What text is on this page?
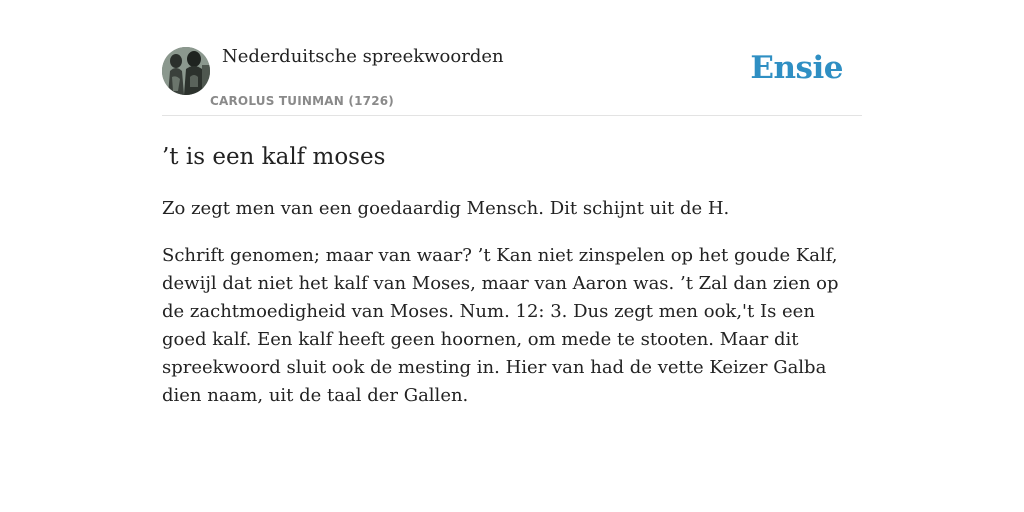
Nederduitsche spreekwoorden
CAROLUS TUINMAN (1726)
Ensie
’t is een kalf moses

Zo zegt men van een goedaardig Mensch. Dit schijnt uit de H.

Schrift genomen; maar van waar? ’t Kan niet zinspelen op het goude Kalf, dewijl dat niet het kalf van Moses, maar van Aaron was. ’t Zal dan zien op de zachtmoedigheid van Moses. Num. 12: 3. Dus zegt men ook,'t Is een goed kalf. Een kalf heeft geen hoornen, om mede te stooten. Maar dit spreekwoord sluit ook de mesting in. Hier van had de vette Keizer Galba dien naam, uit de taal der Gallen.
